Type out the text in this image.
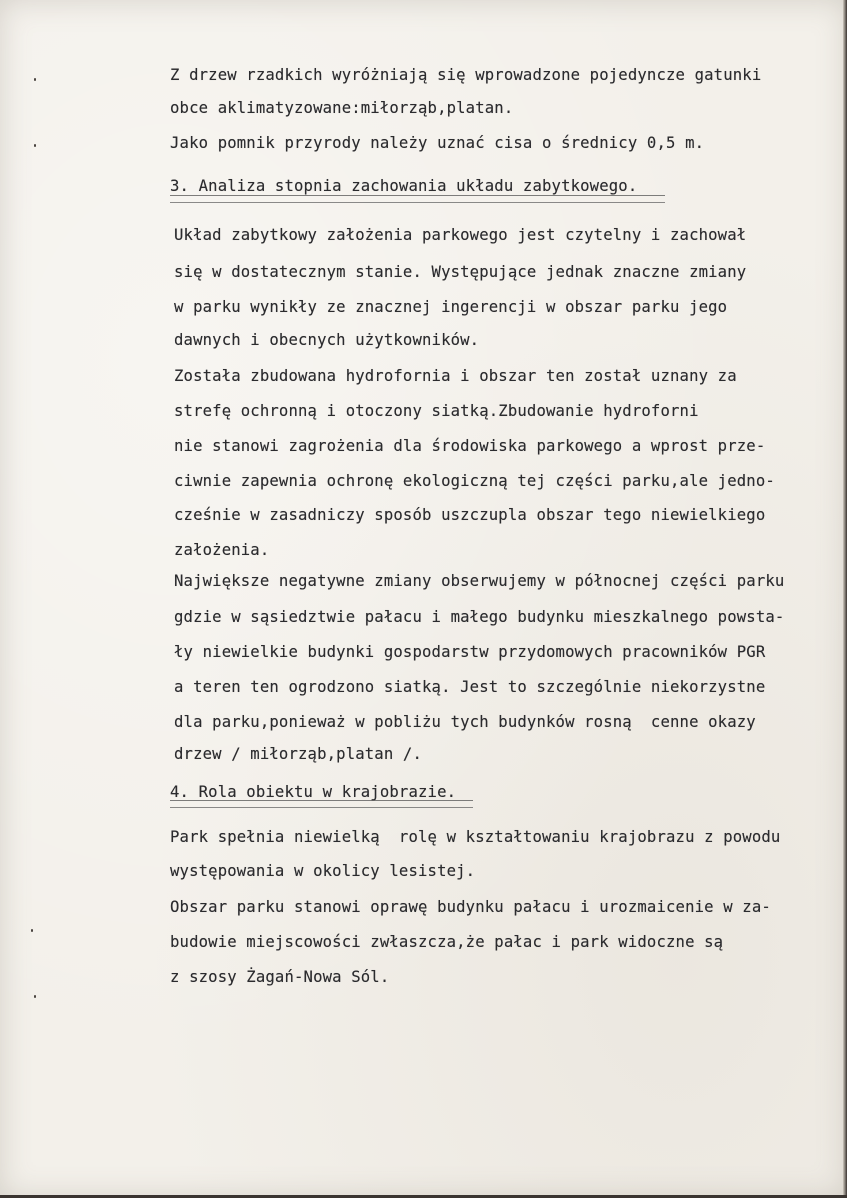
Z drzew rzadkich wyróżniają się wprowadzone pojedyncze gatunki
obce aklimatyzowane:miłorząb,platan.
Jako pomnik przyrody należy uznać cisa o średnicy 0,5 m.
3. Analiza stopnia zachowania układu zabytkowego.
Układ zabytkowy założenia parkowego jest czytelny i zachował
się w dostatecznym stanie. Występujące jednak znaczne zmiany
w parku wynikły ze znacznej ingerencji w obszar parku jego
dawnych i obecnych użytkowników.
Została zbudowana hydrofornia i obszar ten został uznany za
strefę ochronną i otoczony siatką.Zbudowanie hydroforni
nie stanowi zagrożenia dla środowiska parkowego a wprost prze-
ciwnie zapewnia ochronę ekologiczną tej części parku,ale jedno-
cześnie w zasadniczy sposób uszczupla obszar tego niewielkiego
założenia.
Największe negatywne zmiany obserwujemy w północnej części parku
gdzie w sąsiedztwie pałacu i małego budynku mieszkalnego powsta-
ły niewielkie budynki gospodarstw przydomowych pracowników PGR
a teren ten ogrodzono siatką. Jest to szczególnie niekorzystne
dla parku,ponieważ w pobliżu tych budynków rosną  cenne okazy
drzew / miłorząb,platan /.
4. Rola obiektu w krajobrazie.
Park spełnia niewielką  rolę w kształtowaniu krajobrazu z powodu
występowania w okolicy lesistej.
Obszar parku stanowi oprawę budynku pałacu i urozmaicenie w za-
budowie miejscowości zwłaszcza,że pałac i park widoczne są
z szosy Żagań-Nowa Sól.
